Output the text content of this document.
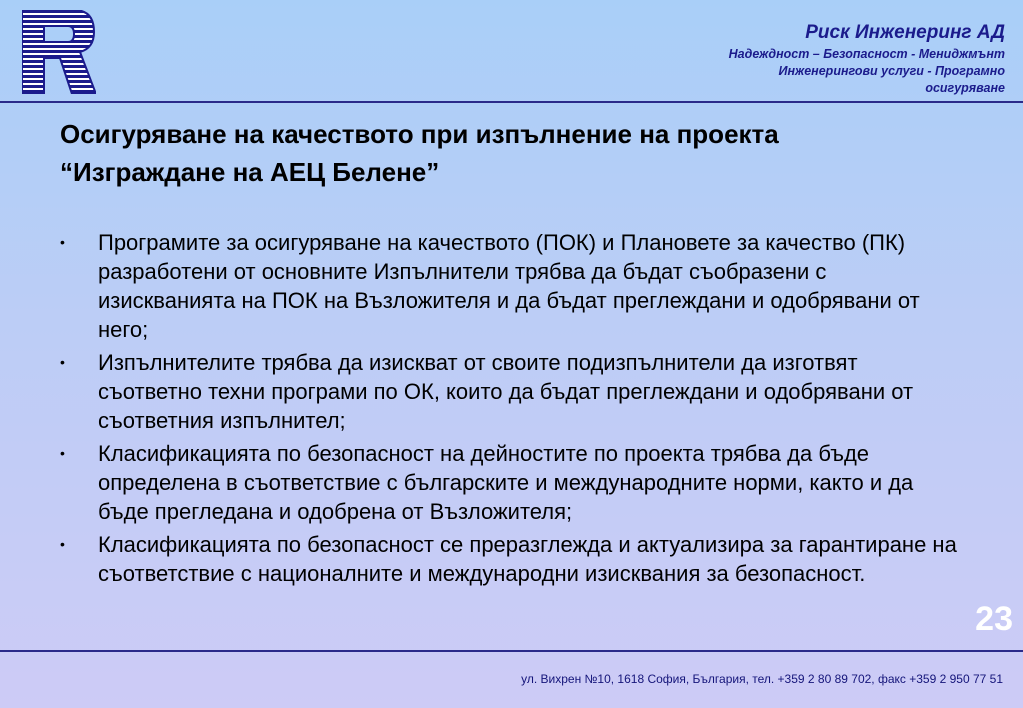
Риск Инженеринг АД
Надеждност – Безопасност - Мениджмънт
Инженерингови услуги - Програмно
осигуряване
Осигуряване на качеството при изпълнение на проекта
“Изграждане на АЕЦ Белене”
• Програмите за осигуряване на качеството (ПОК) и Плановете за качество (ПК) разработени от основните Изпълнители трябва да бъдат съобразени с изискванията на ПОК на Възложителя и да бъдат преглеждани и одобрявани от него;
• Изпълнителите трябва да изискват от своите подизпълнители да изготвят съответно техни програми по ОК, които да бъдат преглеждани и одобрявани от съответния изпълнител;
• Класификацията по безопасност на дейностите по проекта трябва да бъде определена в съответствие с българските и международните норми, както и да бъде прегледана и одобрена от Възложителя;
• Класификацията по безопасност се преразглежда и актуализира за гарантиране на съответствие с националните и международни изисквания за безопасност.
23
ул. Вихрен №10, 1618 София, България, тел. +359 2 80 89 702, факс +359 2 950 77 51
